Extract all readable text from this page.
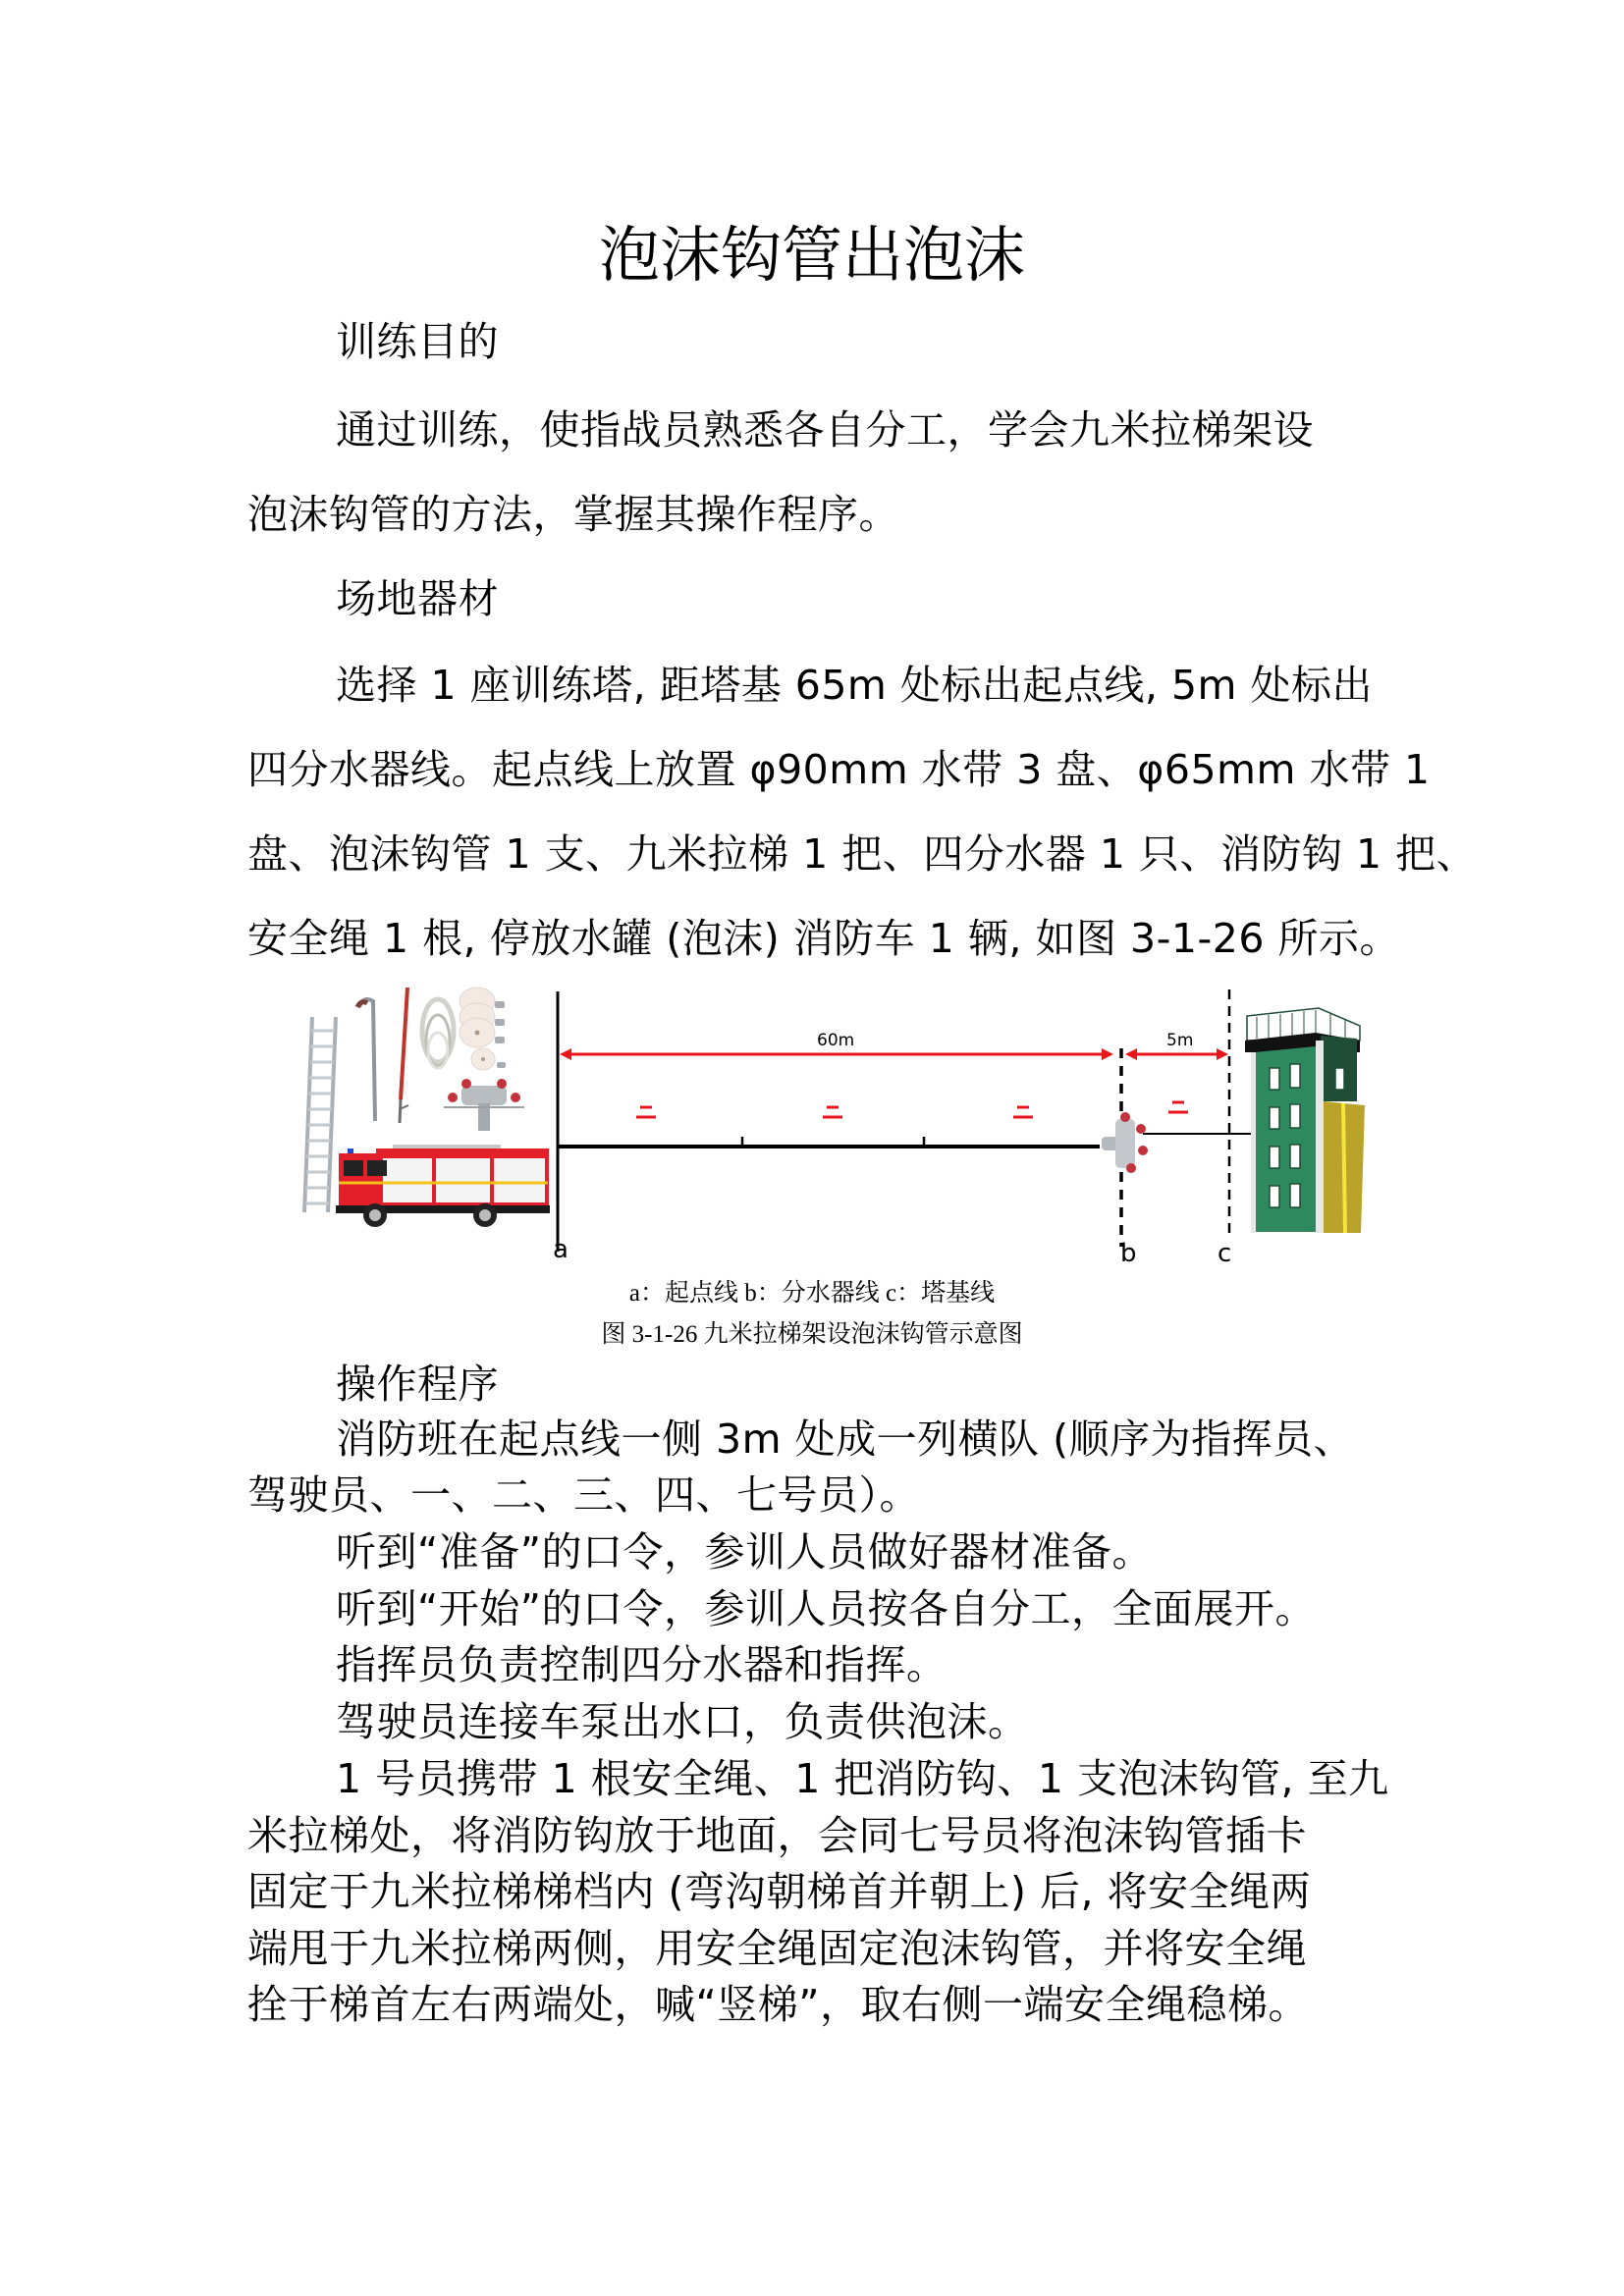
泡沫钩管出泡沫
训练目的
通过训练，使指战员熟悉各自分工，学会九米拉梯架设
泡沫钩管的方法，掌握其操作程序。
场地器材
选择 1 座训练塔, 距塔基 65m 处标出起点线, 5m 处标出
四分水器线。起点线上放置 φ90mm 水带 3 盘、φ65mm 水带 1
盘、泡沫钩管 1 支、九米拉梯 1 把、四分水器 1 只、消防钩 1 把、
安全绳 1 根, 停放水罐 (泡沫) 消防车 1 辆, 如图 3-1-26 所示。
a	b	c
60m	5m
a：起点线 b：分水器线 c：塔基线
图 3-1-26 九米拉梯架设泡沫钩管示意图
操作程序
消防班在起点线一侧 3m 处成一列横队 (顺序为指挥员、
驾驶员、一、二、三、四、七号员）。
听到“准备”的口令，参训人员做好器材准备。
听到“开始”的口令，参训人员按各自分工，全面展开。
指挥员负责控制四分水器和指挥。
驾驶员连接车泵出水口，负责供泡沫。
1 号员携带 1 根安全绳、1 把消防钩、1 支泡沫钩管, 至九
米拉梯处，将消防钩放于地面，会同七号员将泡沫钩管插卡
固定于九米拉梯梯档内 (弯沟朝梯首并朝上) 后, 将安全绳两
端甩于九米拉梯两侧，用安全绳固定泡沫钩管，并将安全绳
拴于梯首左右两端处，喊“竖梯”，取右侧一端安全绳稳梯。
